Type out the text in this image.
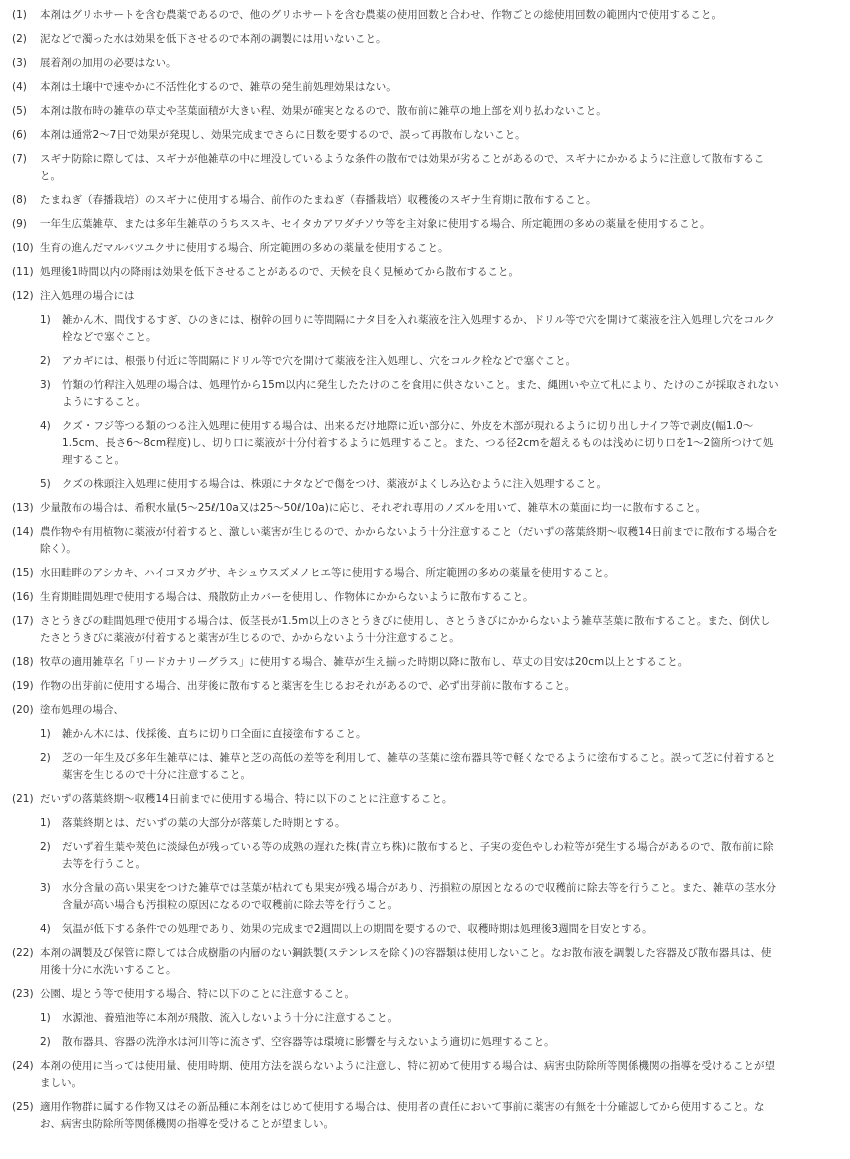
(1) 本剤はグリホサートを含む農薬であるので、他のグリホサートを含む農薬の使用回数と合わせ、作物ごとの総使用回数の範囲内で使用すること。
(2) 泥などで濁った水は効果を低下させるので本剤の調製には用いないこと。
(3) 展着剤の加用の必要はない。
(4) 本剤は土壌中で速やかに不活性化するので、雑草の発生前処理効果はない。
(5) 本剤は散布時の雑草の草丈や茎葉面積が大きい程、効果が確実となるので、散布前に雑草の地上部を刈り払わないこと。
(6) 本剤は通常2～7日で効果が発現し、効果完成までさらに日数を要するので、誤って再散布しないこと。
(7) スギナ防除に際しては、スギナが他雑草の中に埋没しているような条件の散布では効果が劣ることがあるので、スギナにかかるように注意して散布すること。
(8) たまねぎ（春播栽培）のスギナに使用する場合、前作のたまねぎ（春播栽培）収穫後のスギナ生育期に散布すること。
(9) 一年生広葉雑草、または多年生雑草のうちススキ、セイタカアワダチソウ等を主対象に使用する場合、所定範囲の多めの薬量を使用すること。
(10) 生育の進んだマルバツユクサに使用する場合、所定範囲の多めの薬量を使用すること。
(11) 処理後1時間以内の降雨は効果を低下させることがあるので、天候を良く見極めてから散布すること。
(12) 注入処理の場合には
1) 雑かん木、間伐するすぎ、ひのきには、樹幹の回りに等間隔にナタ目を入れ薬液を注入処理するか、ドリル等で穴を開けて薬液を注入処理し穴をコルク栓などで塞ぐこと。
2) アカギには、根張り付近に等間隔にドリル等で穴を開けて薬液を注入処理し、穴をコルク栓などで塞ぐこと。
3) 竹類の竹稈注入処理の場合は、処理竹から15m以内に発生したたけのこを食用に供さないこと。また、縄囲いや立て札により、たけのこが採取されないようにすること。
4) クズ・フジ等つる類のつる注入処理に使用する場合は、出来るだけ地際に近い部分に、外皮を木部が現れるように切り出しナイフ等で剥皮(幅1.0～1.5cm、長さ6～8cm程度)し、切り口に薬液が十分付着するように処理すること。また、つる径2cmを超えるものは浅めに切り口を1～2箇所つけて処理すること。
5) クズの株頭注入処理に使用する場合は、株頭にナタなどで傷をつけ、薬液がよくしみ込むように注入処理すること。
(13) 少量散布の場合は、希釈水量(5～25ℓ/10a又は25～50ℓ/10a)に応じ、それぞれ専用のノズルを用いて、雑草木の葉面に均一に散布すること。
(14) 農作物や有用植物に薬液が付着すると、激しい薬害が生じるので、かからないよう十分注意すること（だいずの落葉終期～収穫14日前までに散布する場合を除く）。
(15) 水田畦畔のアシカキ、ハイコヌカグサ、キシュウスズメノヒエ等に使用する場合、所定範囲の多めの薬量を使用すること。
(16) 生育期畦間処理で使用する場合は、飛散防止カバーを使用し、作物体にかからないように散布すること。
(17) さとうきびの畦間処理で使用する場合は、仮茎長が1.5m以上のさとうきびに使用し、さとうきびにかからないよう雑草茎葉に散布すること。また、倒伏したさとうきびに薬液が付着すると薬害が生じるので、かからないよう十分注意すること。
(18) 牧草の適用雑草名「リードカナリーグラス」に使用する場合、雑草が生え揃った時期以降に散布し、草丈の目安は20cm以上とすること。
(19) 作物の出芽前に使用する場合、出芽後に散布すると薬害を生じるおそれがあるので、必ず出芽前に散布すること。
(20) 塗布処理の場合、
1) 雑かん木には、伐採後、直ちに切り口全面に直接塗布すること。
2) 芝の一年生及び多年生雑草には、雑草と芝の高低の差等を利用して、雑草の茎葉に塗布器具等で軽くなでるように塗布すること。誤って芝に付着すると薬害を生じるので十分に注意すること。
(21) だいずの落葉終期～収穫14日前までに使用する場合、特に以下のことに注意すること。
1) 落葉終期とは、だいずの葉の大部分が落葉した時期とする。
2) だいず着生葉や莢色に淡緑色が残っている等の成熟の遅れた株(青立ち株)に散布すると、子実の変色やしわ粒等が発生する場合があるので、散布前に除去等を行うこと。
3) 水分含量の高い果実をつけた雑草では茎葉が枯れても果実が残る場合があり、汚損粒の原因となるので収穫前に除去等を行うこと。また、雑草の茎水分含量が高い場合も汚損粒の原因になるので収穫前に除去等を行うこと。
4) 気温が低下する条件での処理であり、効果の完成まで2週間以上の期間を要するので、収穫時期は処理後3週間を目安とする。
(22) 本剤の調製及び保管に際しては合成樹脂の内層のない鋼鉄製(ステンレスを除く)の容器類は使用しないこと。なお散布液を調製した容器及び散布器具は、使用後十分に水洗いすること。
(23) 公園、堤とう等で使用する場合、特に以下のことに注意すること。
1) 水源池、養殖池等に本剤が飛散、流入しないよう十分に注意すること。
2) 散布器具、容器の洗浄水は河川等に流さず、空容器等は環境に影響を与えないよう適切に処理すること。
(24) 本剤の使用に当っては使用量、使用時期、使用方法を誤らないように注意し、特に初めて使用する場合は、病害虫防除所等関係機関の指導を受けることが望ましい。
(25) 適用作物群に属する作物又はその新品種に本剤をはじめて使用する場合は、使用者の責任において事前に薬害の有無を十分確認してから使用すること。なお、病害虫防除所等関係機関の指導を受けることが望ましい。
